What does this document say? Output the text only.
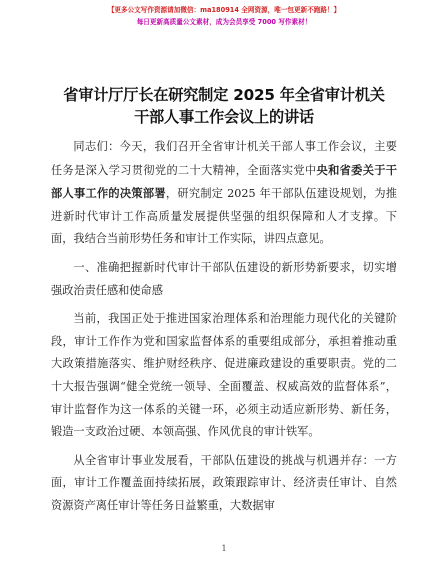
【更多公文写作资源请加微信：ma180914 全网资源，唯一包更新不跑路！】
每日更新高质量公文素材，成为会员享受 7000 写作素材！
省审计厅厅长在研究制定 2025 年全省审计机关
干部人事工作会议上的讲话

同志们：今天，我们召开全省审计机关干部人事工作会议，主要任务是深入学习贯彻党的二十大精神，全面落实党中央和省委关于干部人事工作的决策部署，研究制定 2025 年干部队伍建设规划，为推进新时代审计工作高质量发展提供坚强的组织保障和人才支撑。下面，我结合当前形势任务和审计工作实际，讲四点意见。

一、准确把握新时代审计干部队伍建设的新形势新要求，切实增强政治责任感和使命感

当前，我国正处于推进国家治理体系和治理能力现代化的关键阶段，审计工作作为党和国家监督体系的重要组成部分，承担着推动重大政策措施落实、维护财经秩序、促进廉政建设的重要职责。党的二十大报告强调“健全党统一领导、全面覆盖、权威高效的监督体系”，审计监督作为这一体系的关键一环，必须主动适应新形势、新任务，锻造一支政治过硬、本领高强、作风优良的审计铁军。

从全省审计事业发展看，干部队伍建设的挑战与机遇并存：一方面，审计工作覆盖面持续拓展，政策跟踪审计、经济责任审计、自然资源资产离任审计等任务日益繁重，大数据审

1
